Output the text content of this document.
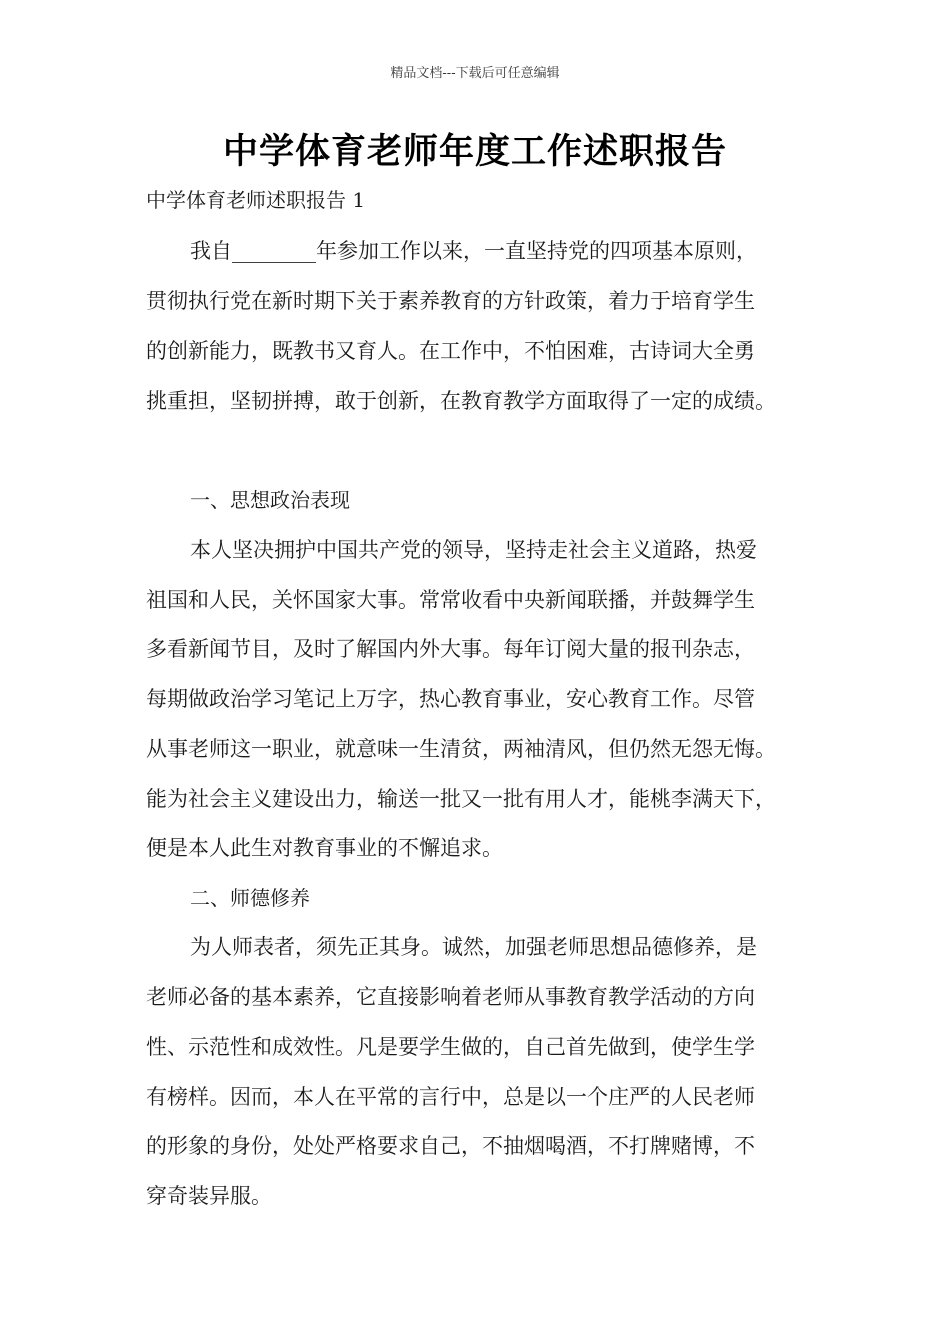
精品文档---下载后可任意编辑
中学体育老师年度工作述职报告
中学体育老师述职报告 1
我自________年参加工作以来，一直坚持党的四项基本原则，
贯彻执行党在新时期下关于素养教育的方针政策，着力于培育学生
的创新能力，既教书又育人。在工作中，不怕困难，古诗词大全勇
挑重担，坚韧拼搏，敢于创新，在教育教学方面取得了一定的成绩。
一、思想政治表现
本人坚决拥护中国共产党的领导，坚持走社会主义道路，热爱
祖国和人民，关怀国家大事。常常收看中央新闻联播，并鼓舞学生
多看新闻节目，及时了解国内外大事。每年订阅大量的报刊杂志，
每期做政治学习笔记上万字，热心教育事业，安心教育工作。尽管
从事老师这一职业，就意味一生清贫，两袖清风，但仍然无怨无悔。
能为社会主义建设出力，输送一批又一批有用人才，能桃李满天下，
便是本人此生对教育事业的不懈追求。
二、师德修养
为人师表者，须先正其身。诚然，加强老师思想品德修养，是
老师必备的基本素养，它直接影响着老师从事教育教学活动的方向
性、示范性和成效性。凡是要学生做的，自己首先做到，使学生学
有榜样。因而，本人在平常的言行中，总是以一个庄严的人民老师
的形象的身份，处处严格要求自己，不抽烟喝酒，不打牌赌博，不
穿奇装异服。
